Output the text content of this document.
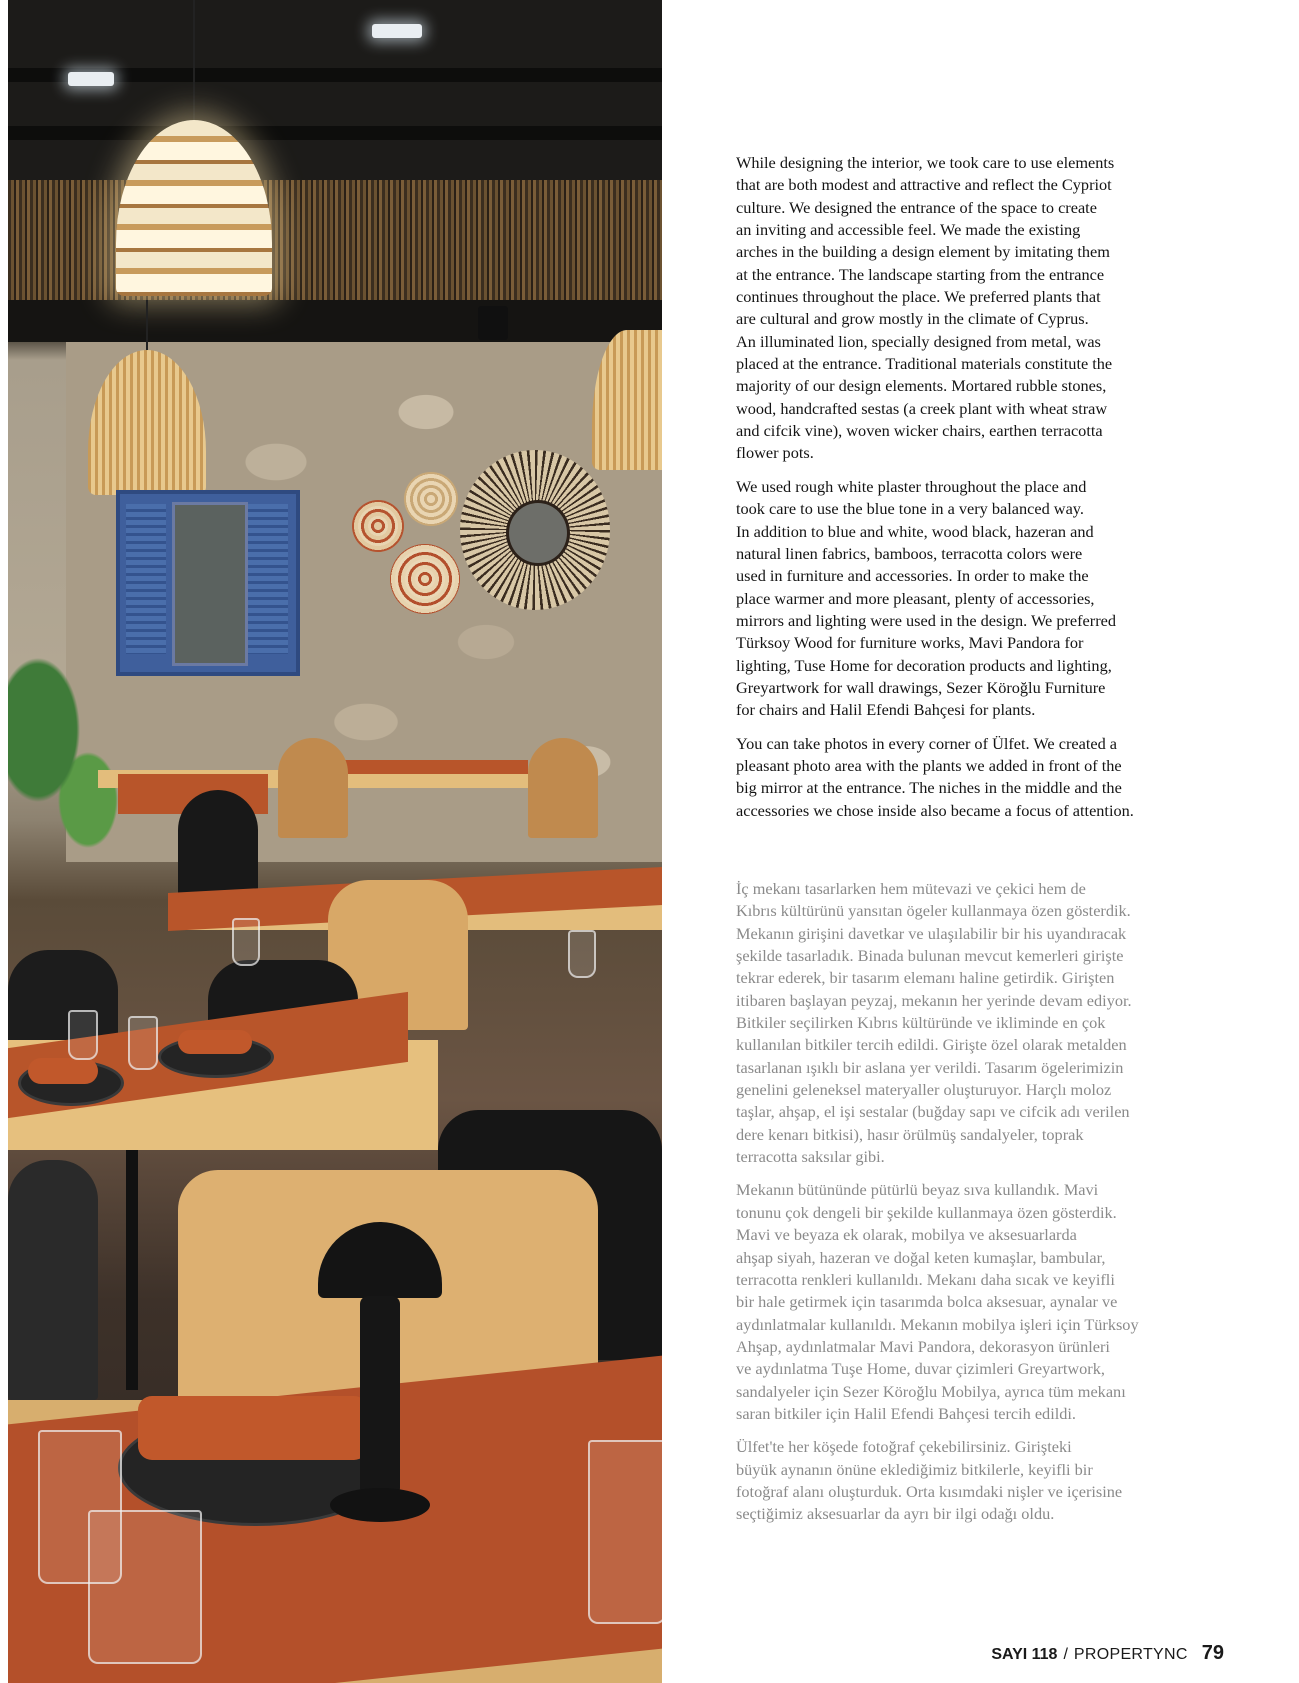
While designing the interior, we took care to use elements
that are both modest and attractive and reflect the Cypriot
culture. We designed the entrance of the space to create
an inviting and accessible feel. We made the existing
arches in the building a design element by imitating them
at the entrance. The landscape starting from the entrance
continues throughout the place. We preferred plants that
are cultural and grow mostly in the climate of Cyprus.
An illuminated lion, specially designed from metal, was
placed at the entrance. Traditional materials constitute the
majority of our design elements. Mortared rubble stones,
wood, handcrafted sestas (a creek plant with wheat straw
and cifcik vine), woven wicker chairs, earthen terracotta
flower pots.

We used rough white plaster throughout the place and
took care to use the blue tone in a very balanced way.
In addition to blue and white, wood black, hazeran and
natural linen fabrics, bamboos, terracotta colors were
used in furniture and accessories. In order to make the
place warmer and more pleasant, plenty of accessories,
mirrors and lighting were used in the design. We preferred
Türksoy Wood for furniture works, Mavi Pandora for
lighting, Tuse Home for decoration products and lighting,
Greyartwork for wall drawings, Sezer Köroğlu Furniture
for chairs and Halil Efendi Bahçesi for plants.

You can take photos in every corner of Ülfet. We created a
pleasant photo area with the plants we added in front of the
big mirror at the entrance. The niches in the middle and the
accessories we chose inside also became a focus of attention.

İç mekanı tasarlarken hem mütevazi ve çekici hem de
Kıbrıs kültürünü yansıtan ögeler kullanmaya özen gösterdik.
Mekanın girişini davetkar ve ulaşılabilir bir his uyandıracak
şekilde tasarladık. Binada bulunan mevcut kemerleri girişte
tekrar ederek, bir tasarım elemanı haline getirdik. Girişten
itibaren başlayan peyzaj, mekanın her yerinde devam ediyor.
Bitkiler seçilirken Kıbrıs kültüründe ve ikliminde en çok
kullanılan bitkiler tercih edildi. Girişte özel olarak metalden
tasarlanan ışıklı bir aslana yer verildi. Tasarım ögelerimizin
genelini geleneksel materyaller oluşturuyor. Harçlı moloz
taşlar, ahşap, el işi sestalar (buğday sapı ve cifcik adı verilen
dere kenarı bitkisi), hasır örülmüş sandalyeler, toprak
terracotta saksılar gibi.

Mekanın bütününde pütürlü beyaz sıva kullandık. Mavi
tonunu çok dengeli bir şekilde kullanmaya özen gösterdik.
Mavi ve beyaza ek olarak, mobilya ve aksesuarlarda
ahşap siyah, hazeran ve doğal keten kumaşlar, bambular,
terracotta renkleri kullanıldı. Mekanı daha sıcak ve keyifli
bir hale getirmek için tasarımda bolca aksesuar, aynalar ve
aydınlatmalar kullanıldı. Mekanın mobilya işleri için Türksoy
Ahşap, aydınlatmalar Mavi Pandora, dekorasyon ürünleri
ve aydınlatma Tuşe Home, duvar çizimleri Greyartwork,
sandalyeler için Sezer Köroğlu Mobilya, ayrıca tüm mekanı
saran bitkiler için Halil Efendi Bahçesi tercih edildi.

Ülfet'te her köşede fotoğraf çekebilirsiniz. Girişteki
büyük aynanın önüne eklediğimiz bitkilerle, keyifli bir
fotoğraf alanı oluşturduk. Orta kısımdaki nişler ve içerisine
seçtiğimiz aksesuarlar da ayrı bir ilgi odağı oldu.

SAYI 118 / PROPERTYNC 79
